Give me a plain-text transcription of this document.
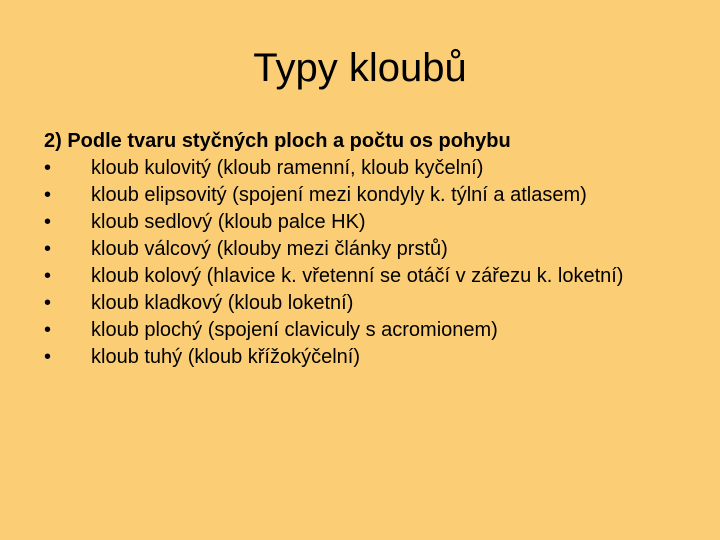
Typy kloubů

2) Podle tvaru styčných ploch a počtu os pohybu

•	kloub kulovitý (kloub ramenní, kloub kyčelní)
•	kloub elipsovitý (spojení mezi kondyly k. týlní a atlasem)
•	kloub sedlový (kloub palce HK)
•	kloub válcový (klouby mezi články prstů)
•	kloub kolový (hlavice k. vřetenní se otáčí v zářezu k. loketní)
•	kloub kladkový (kloub loketní)
•	kloub plochý (spojení claviculy s acromionem)
•	kloub tuhý (kloub křížokýčelní)
